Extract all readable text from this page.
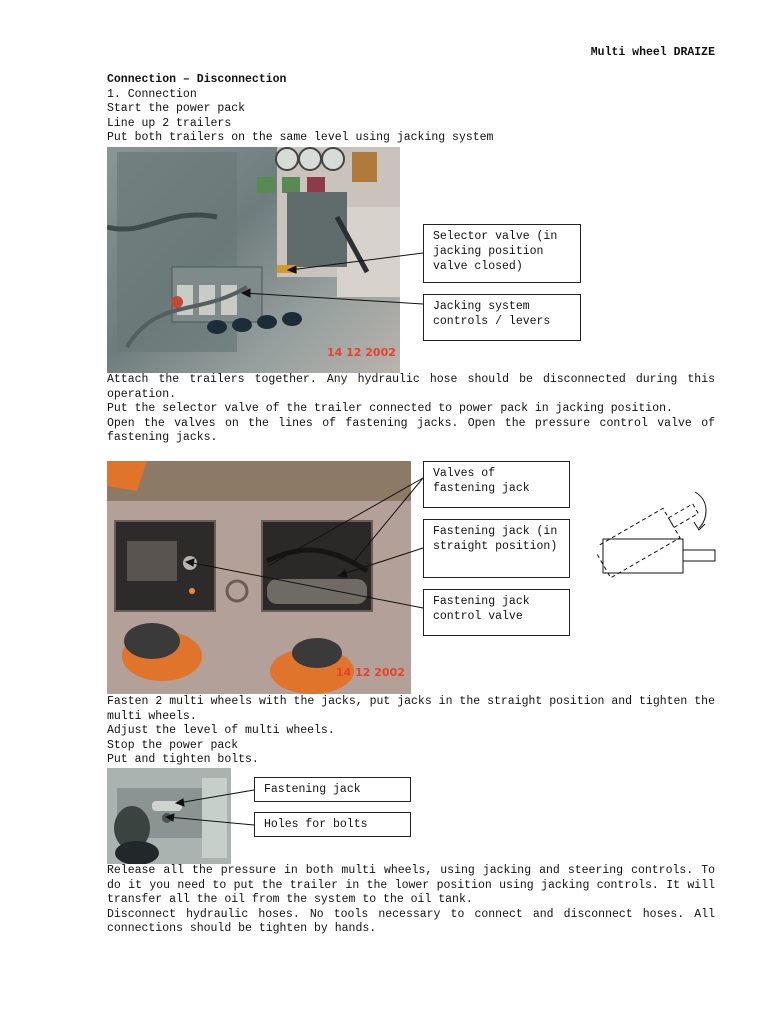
Multi wheel DRAIZE

Connection – Disconnection

1. Connection

Start the power pack

Line up 2 trailers

Put both trailers on the same level using jacking system

14 12 2002
Selector valve (in jacking position valve closed)
Jacking system controls / levers

Attach the trailers together. Any hydraulic hose should be disconnected during this operation.

Put the selector valve of the trailer connected to power pack in jacking position.

Open the valves on the lines of fastening jacks. Open the pressure control valve of fastening jacks.

14 12 2002
Valves of fastening jack
Fastening jack (in straight position)
Fastening jack control valve

Fasten 2 multi wheels with the jacks, put jacks in the straight position and tighten the multi wheels.

Adjust the level of multi wheels.

Stop the power pack

Put and tighten bolts.

Fastening jack
Holes for bolts

Release all the pressure in both multi wheels, using jacking and steering controls. To do it you need to put the trailer in the lower position using jacking controls. It will transfer all the oil from the system to the oil tank.

Disconnect hydraulic hoses. No tools necessary to connect and disconnect hoses. All connections should be tighten by hands.
